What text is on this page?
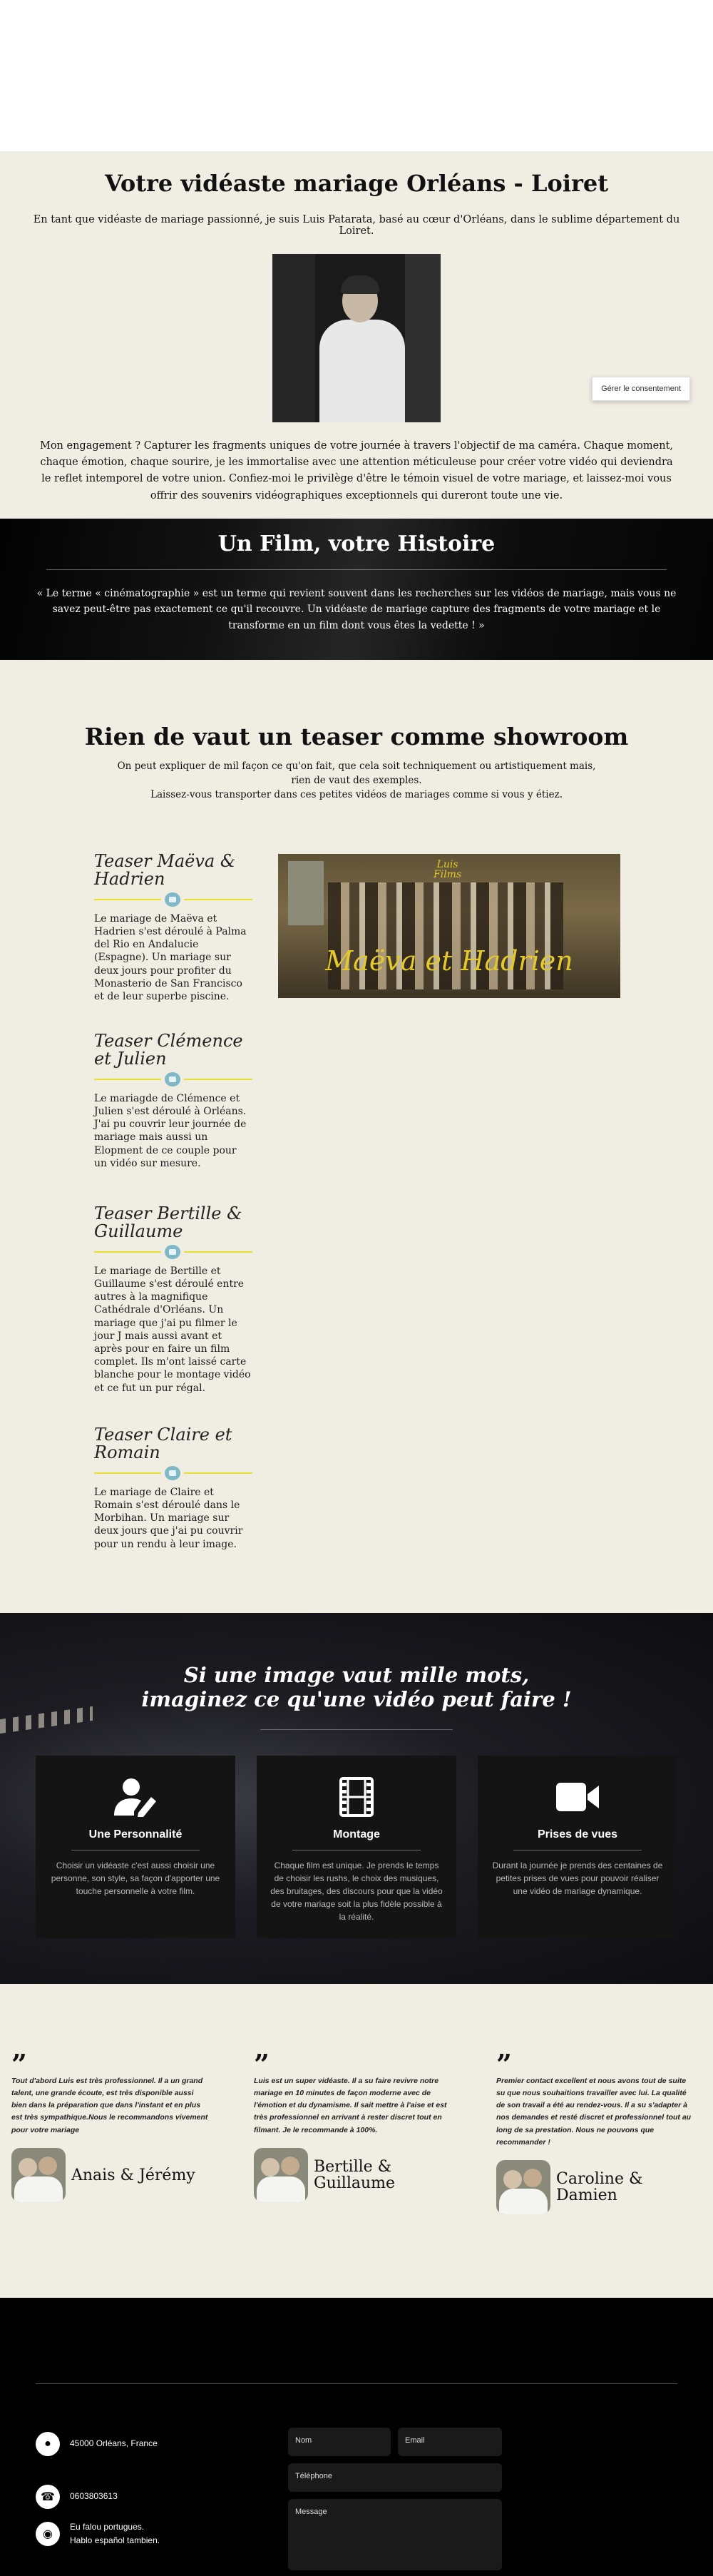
Votre vidéaste mariage Orléans - Loiret

En tant que vidéaste de mariage passionné, je suis Luis Patarata, basé au cœur d'Orléans, dans le sublime département du Loiret.

Gérer le consentement

Mon engagement ? Capturer les fragments uniques de votre journée à travers l'objectif de ma caméra. Chaque moment, chaque émotion, chaque sourire, je les immortalise avec une attention méticuleuse pour créer votre vidéo qui deviendra le reflet intemporel de votre union. Confiez-moi le privilège d'être le témoin visuel de votre mariage, et laissez-moi vous offrir des souvenirs vidéographiques exceptionnels qui dureront toute une vie.

Un Film, votre Histoire

« Le terme « cinématographie » est un terme qui revient souvent dans les recherches sur les vidéos de mariage, mais vous ne savez peut-être pas exactement ce qu'il recouvre. Un vidéaste de mariage capture des fragments de votre mariage et le transforme en un film dont vous êtes la vedette ! »

Rien de vaut un teaser comme showroom
On peut expliquer de mil façon ce qu'on fait, que cela soit techniquement ou artistiquement mais,
rien de vaut des exemples.
Laissez-vous transporter dans ces petites vidéos de mariages comme si vous y étiez.
Teaser Maëva & Hadrien

Le mariage de Maëva et Hadrien s'est déroulé à Palma del Rio en Andalucie (Espagne). Un mariage sur deux jours pour profiter du Monasterio de San Francisco et de leur superbe piscine.

Teaser Clémence et Julien

Le mariagde de Clémence et Julien s'est déroulé à Orléans. J'ai pu couvrir leur journée de mariage mais aussi un Elopment de ce couple pour un vidéo sur mesure.

Teaser Bertille & Guillaume

Le mariage de Bertille et Guillaume s'est déroulé entre autres à la magnifique Cathédrale d'Orléans. Un mariage que j'ai pu filmer le jour J mais aussi avant et après pour en faire un film complet. Ils m'ont laissé carte blanche pour le montage vidéo et ce fut un pur régal.

Teaser Claire et Romain

Le mariage de Claire et Romain s'est déroulé dans le Morbihan. Un mariage sur deux jours que j'ai pu couvrir pour un rendu à leur image.

Luis
Films
Maëva et Hadrien
Si une image vaut mille mots,
imaginez ce qu'une vidéo peut faire !
Une Personnalité

Choisir un vidéaste c'est aussi choisir une personne, son style, sa façon d'apporter une touche personnelle à votre film.

Montage

Chaque film est unique. Je prends le temps de choisir les rushs, le choix des musiques, des bruitages, des discours pour que la vidéo de votre mariage soit la plus fidèle possible à la réalité.

Prises de vues

Durant la journée je prends des centaines de petites prises de vues pour pouvoir réaliser une vidéo de mariage dynamique.

”

Tout d'abord Luis est très professionnel. Il a un grand talent, une grande écoute, est très disponible aussi bien dans la préparation que dans l'instant et en plus est très sympathique.Nous le recommandons vivement pour votre mariage

Anais & Jérémy
”

Luis est un super vidéaste. Il a su faire revivre notre mariage en 10 minutes de façon moderne avec de l'émotion et du dynamisme. Il sait mettre à l'aise et est très professionnel en arrivant à rester discret tout en filmant. Je le recommande à 100%.

Bertille &
Guillaume
”

Premier contact excellent et nous avons tout de suite su que nous souhaitions travailler avec lui. La qualité de son travail a été au rendez-vous. Il a su s'adapter à nos demandes et resté discret et professionnel tout au long de sa prestation. Nous ne pouvons que recommander !

Caroline &
Damien
●	45000 Orléans, France
☎	0603803613
◉
Eu falou portugues.
Hablo español tambien.
Nom	Email
Téléphone
Message
